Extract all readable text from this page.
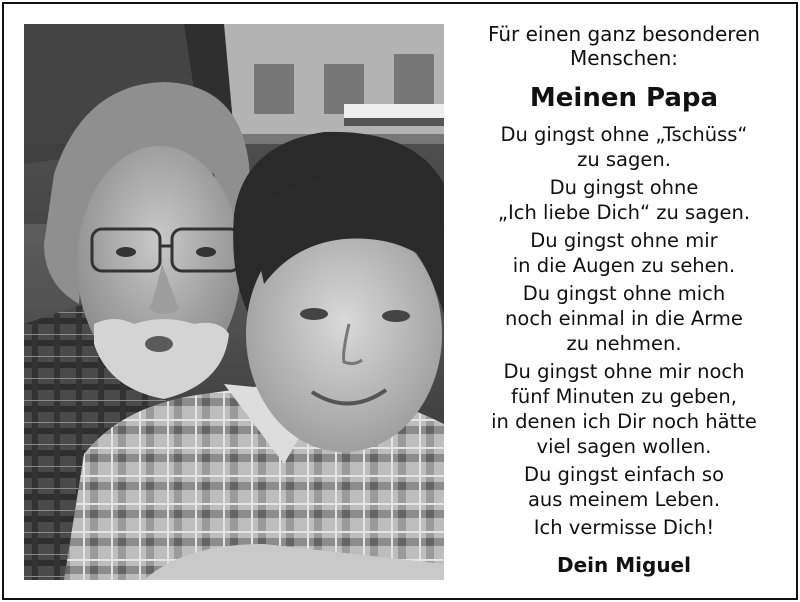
Für einen ganz besonderen
Menschen:

Meinen Papa

Du gingst ohne „Tschüss“
zu sagen.

Du gingst ohne
„Ich liebe Dich“ zu sagen.

Du gingst ohne mir
in die Augen zu sehen.

Du gingst ohne mich
noch einmal in die Arme
zu nehmen.

Du gingst ohne mir noch
fünf Minuten zu geben,
in denen ich Dir noch hätte
viel sagen wollen.

Du gingst einfach so
aus meinem Leben.

Ich vermisse Dich!

Dein Miguel
